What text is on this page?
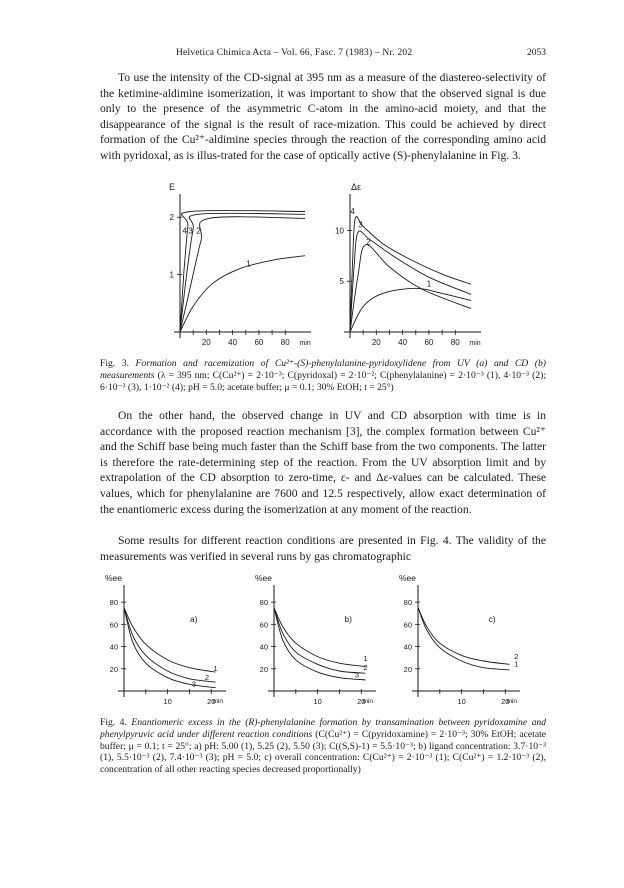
Helvetica Chimica Acta – Vol. 66, Fasc. 7 (1983) – Nr. 202	2053

To use the intensity of the CD-signal at 395 nm as a measure of the diastereo-selectivity of the ketimine-aldimine isomerization, it was important to show that the observed signal is due only to the presence of the asymmetric C-atom in the amino-acid moiety, and that the disappearance of the signal is the result of race-mization. This could be achieved by direct formation of the Cu²⁺-aldimine species through the reaction of the corresponding amino acid with pyridoxal, as is illus-trated for the case of optically active (S)-phenylalanine in Fig. 3.

2
1
20 40 60 80 min
E
4 3 2
1
10
5
20 40 60 80 min
Δε
4
3
2
1

Fig. 3. Formation and racemization of Cu²⁺-(S)-phenylalanine-pyridoxylidene from UV (a) and CD (b) measurements (λ = 395 nm; C(Cu²⁺) = 2·10⁻³; C(pyridoxal) = 2·10⁻²; C(phenylalanine) = 2·10⁻³ (1), 4·10⁻³ (2); 6·10⁻³ (3), 1·10⁻² (4); pH = 5.0; acetate buffer; μ = 0.1; 30% EtOH; t = 25°)

On the other hand, the observed change in UV and CD absorption with time is in accordance with the proposed reaction mechanism [3], the complex formation between Cu²⁺ and the Schiff base being much faster than the Schiff base from the two components. The latter is therefore the rate-determining step of the reaction. From the UV absorption limit and by extrapolation of the CD absorption to zero-time, ε- and Δε-values can be calculated. These values, which for phenylalanine are 7600 and 12.5 respectively, allow exact determination of the enantiomeric excess during the isomerization at any moment of the reaction.

Some results for different reaction conditions are presented in Fig. 4. The validity of the measurements was verified in several runs by gas chromatographic

80
60
40
20
10	20
min
%ee
1
2
3
a)
80
60
40
20
10	20
min
%ee
1
2
3
b)
80
60
40
20
10	20
min
%ee
2
1
c)

Fig. 4. Enantiomeric excess in the (R)-phenylalanine formation by transamination between pyridoxamine and phenylpyruvic acid under different reaction conditions (C(Cu²⁺) = C(pyridoxamine) = 2·10⁻³; 30% EtOH; acetate buffer; μ = 0.1; t = 25°; a) pH: 5.00 (1), 5.25 (2), 5.50 (3); C((S,S)-1) = 5.5·10⁻³; b) ligand concentration: 3.7·10⁻³ (1), 5.5·10⁻³ (2), 7.4·10⁻³ (3); pH = 5.0; c) overall concentration: C(Cu²⁺) = 2·10⁻³ (1); C(Cu²⁺) = 1.2·10⁻³ (2), concentration of all other reacting species decreased proportionally)
